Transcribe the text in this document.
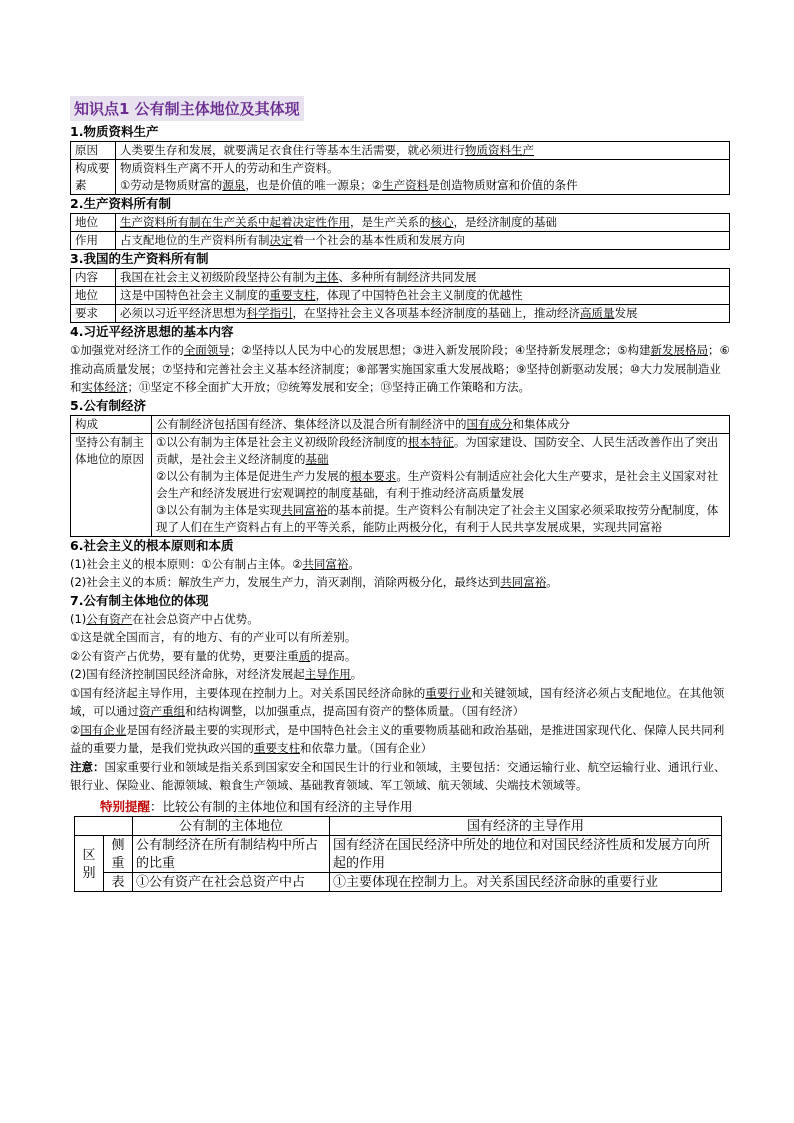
知识点1 公有制主体地位及其体现
1.物质资料生产
原因	人类要生存和发展，就要满足衣食住行等基本生活需要，就必须进行物质资料生产
构成要素	物质资料生产离不开人的劳动和生产资料。
①劳动是物质财富的源泉，也是价值的唯一源泉；②生产资料是创造物质财富和价值的条件
2.生产资料所有制
地位	生产资料所有制在生产关系中起着决定性作用，是生产关系的核心，是经济制度的基础
作用	占支配地位的生产资料所有制决定着一个社会的基本性质和发展方向
3.我国的生产资料所有制
内容	我国在社会主义初级阶段坚持公有制为主体、多种所有制经济共同发展
地位	这是中国特色社会主义制度的重要支柱，体现了中国特色社会主义制度的优越性
要求	必须以习近平经济思想为科学指引，在坚持社会主义各项基本经济制度的基础上，推动经济高质量发展
4.习近平经济思想的基本内容

①加强党对经济工作的全面领导；②坚持以人民为中心的发展思想；③进入新发展阶段；④坚持新发展理念；⑤构建新发展格局；⑥推动高质量发展；⑦坚持和完善社会主义基本经济制度；⑧部署实施国家重大发展战略；⑨坚持创新驱动发展；⑩大力发展制造业和实体经济；⑪坚定不移全面扩大开放；⑫统筹发展和安全；⑬坚持正确工作策略和方法。

5.公有制经济
构成	公有制经济包括国有经济、集体经济以及混合所有制经济中的国有成分和集体成分
坚持公有制主体地位的原因	①以公有制为主体是社会主义初级阶段经济制度的根本特征。为国家建设、国防安全、人民生活改善作出了突出贡献，是社会主义经济制度的基础
②以公有制为主体是促进生产力发展的根本要求。生产资料公有制适应社会化大生产要求，是社会主义国家对社会生产和经济发展进行宏观调控的制度基础，有利于推动经济高质量发展
③以公有制为主体是实现共同富裕的基本前提。生产资料公有制决定了社会主义国家必须采取按劳分配制度，体现了人们在生产资料占有上的平等关系，能防止两极分化，有利于人民共享发展成果，实现共同富裕
6.社会主义的根本原则和本质

(1)社会主义的根本原则：①公有制占主体。②共同富裕。

(2)社会主义的本质：解放生产力，发展生产力，消灭剥削，消除两极分化，最终达到共同富裕。

7.公有制主体地位的体现

(1)公有资产在社会总资产中占优势。

①这是就全国而言，有的地方、有的产业可以有所差别。

②公有资产占优势，要有量的优势，更要注重质的提高。

(2)国有经济控制国民经济命脉，对经济发展起主导作用。

①国有经济起主导作用，主要体现在控制力上。对关系国民经济命脉的重要行业和关键领域，国有经济必须占支配地位。在其他领域，可以通过资产重组和结构调整，以加强重点，提高国有资产的整体质量。（国有经济）

②国有企业是国有经济最主要的实现形式，是中国特色社会主义的重要物质基础和政治基础，是推进国家现代化、保障人民共同利益的重要力量，是我们党执政兴国的重要支柱和依靠力量。（国有企业）

注意：国家重要行业和领域是指关系到国家安全和国民生计的行业和领域，主要包括：交通运输行业、航空运输行业、通讯行业、银行业、保险业、能源领域、粮食生产领域、基础教育领域、军工领域、航天领域、尖端技术领域等。

特别提醒：比较公有制的主体地位和国有经济的主导作用

		公有制的主体地位	国有经济的主导作用
区别	侧重	公有制经济在所有制结构中所占的比重	国有经济在国民经济中所处的地位和对国民经济性质和发展方向所起的作用
	表	①公有资产在社会总资产中占	①主要体现在控制力上。对关系国民经济命脉的重要行业
